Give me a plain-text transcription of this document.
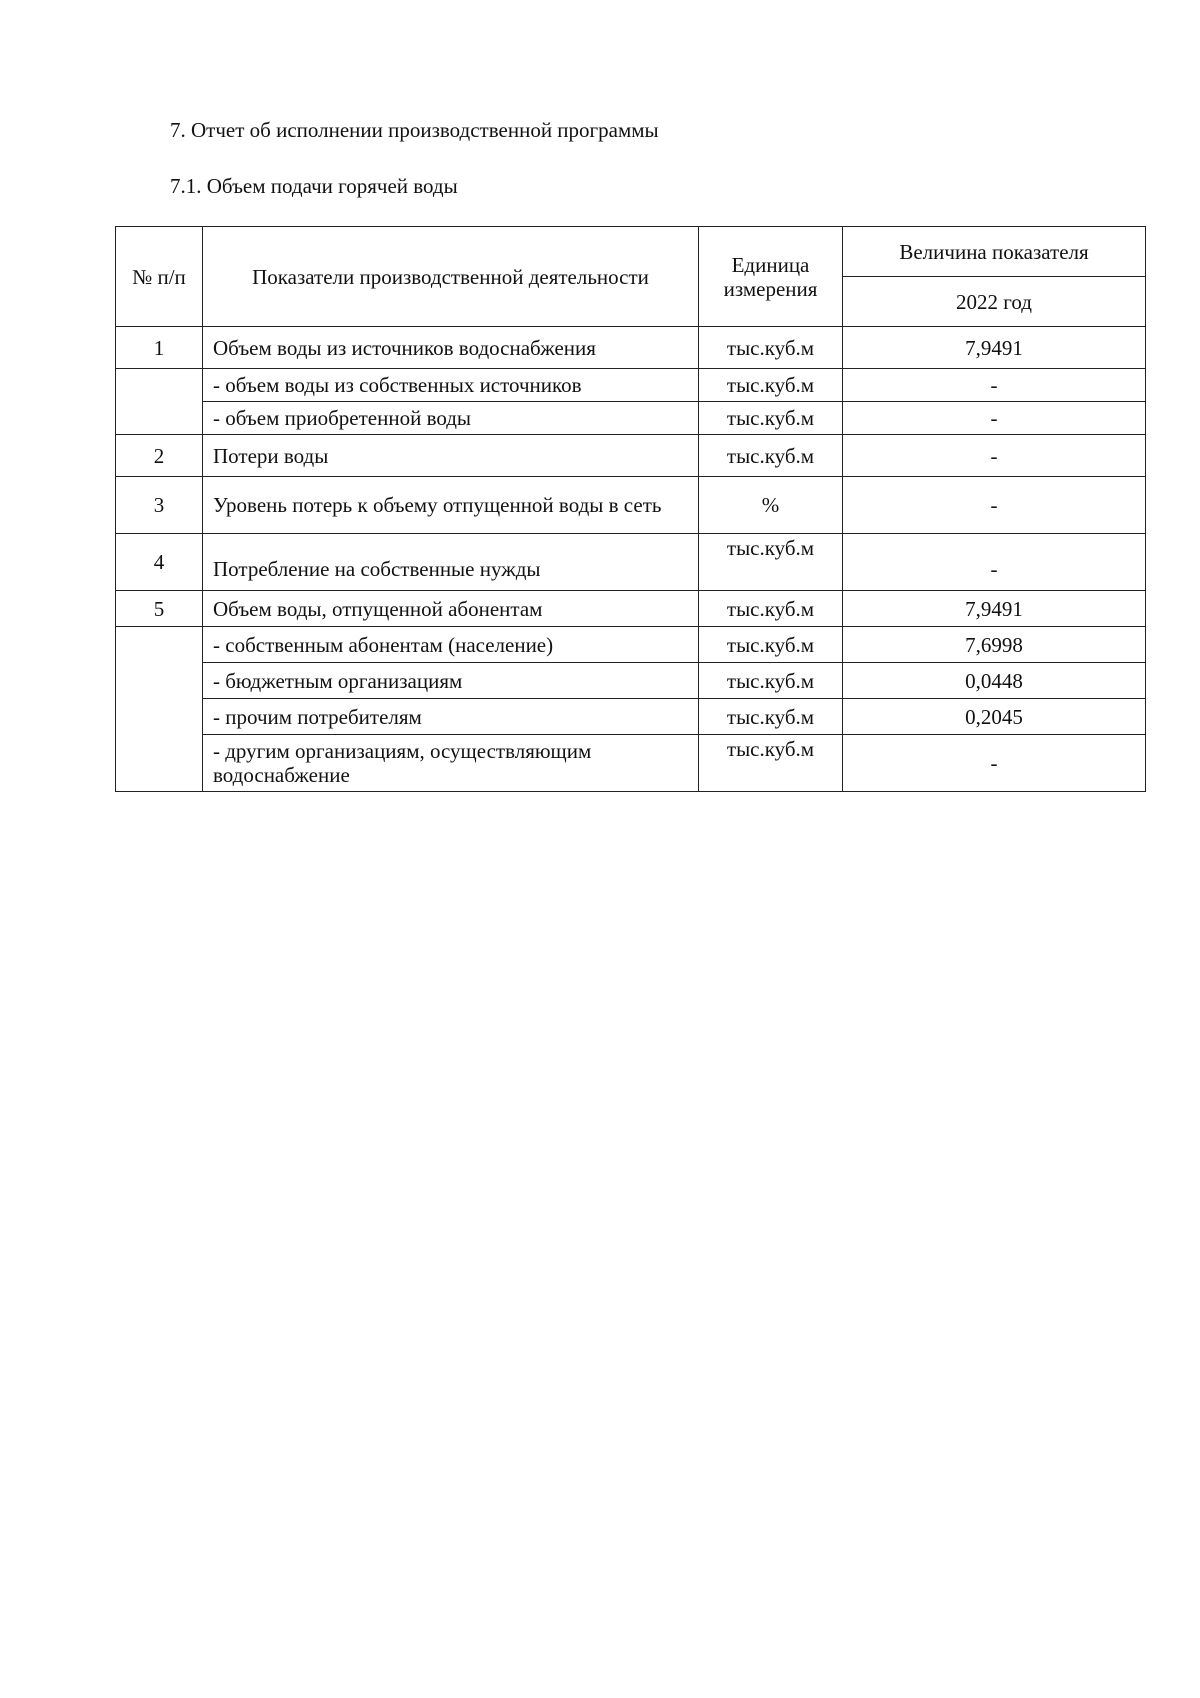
7. Отчет об исполнении производственной программы
7.1. Объем подачи горячей воды
№ п/п	Показатели производственной деятельности	Единица измерения	Величина показателя
			2022 год
1	Объем воды из источников водоснабжения	тыс.куб.м	7,9491
	- объем воды из собственных источников	тыс.куб.м	-
	- объем приобретенной воды	тыс.куб.м	-
2	Потери воды	тыс.куб.м	-
3	Уровень потерь к объему отпущенной воды в сеть	%	-
4	Потребление на собственные нужды	тыс.куб.м	-
5	Объем воды, отпущенной абонентам	тыс.куб.м	7,9491
	- собственным абонентам (население)	тыс.куб.м	7,6998
	- бюджетным организациям	тыс.куб.м	0,0448
	- прочим потребителям	тыс.куб.м	0,2045
	- другим организациям, осуществляющим водоснабжение	тыс.куб.м	-
